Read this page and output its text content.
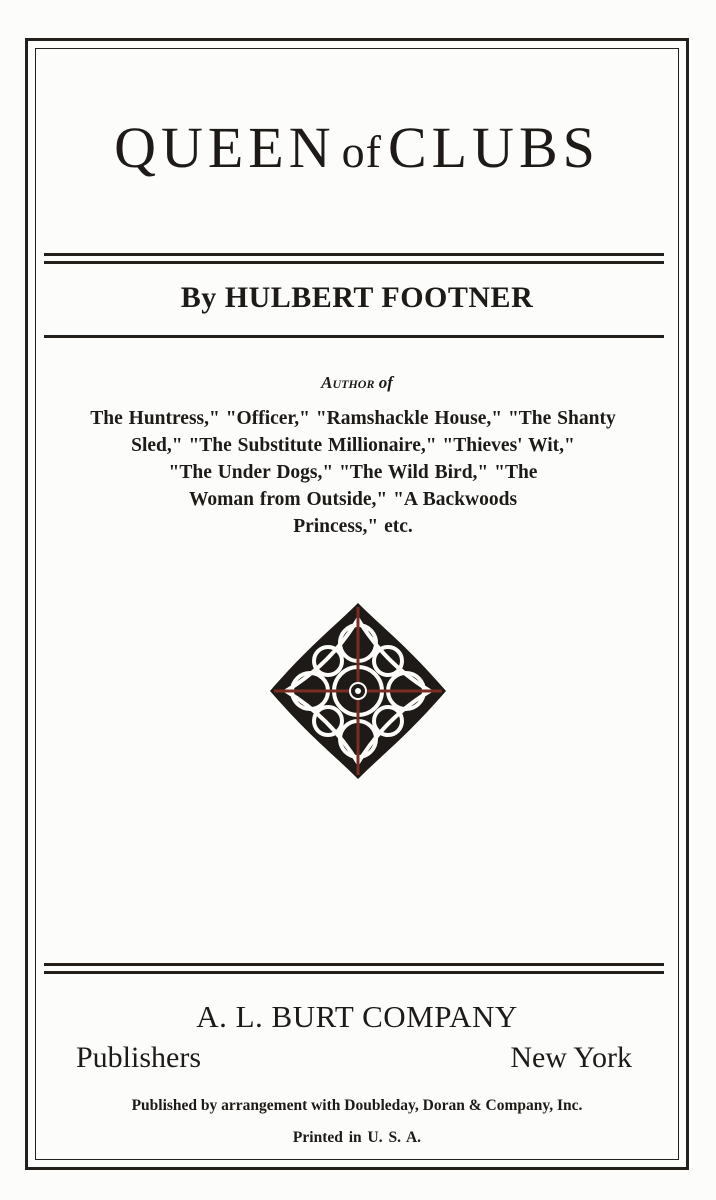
QUEEN of CLUBS
By HULBERT FOOTNER
Author of
The Huntress," "Officer," "Ramshackle House," "The Shanty
Sled," "The Substitute Millionaire," "Thieves' Wit,"
"The Under Dogs," "The Wild Bird," "The
Woman from Outside," "A Backwoods
Princess," etc.
A. L. BURT COMPANY
Publishers	New York
Published by arrangement with Doubleday, Doran & Company, Inc.
Printed in U. S. A.
